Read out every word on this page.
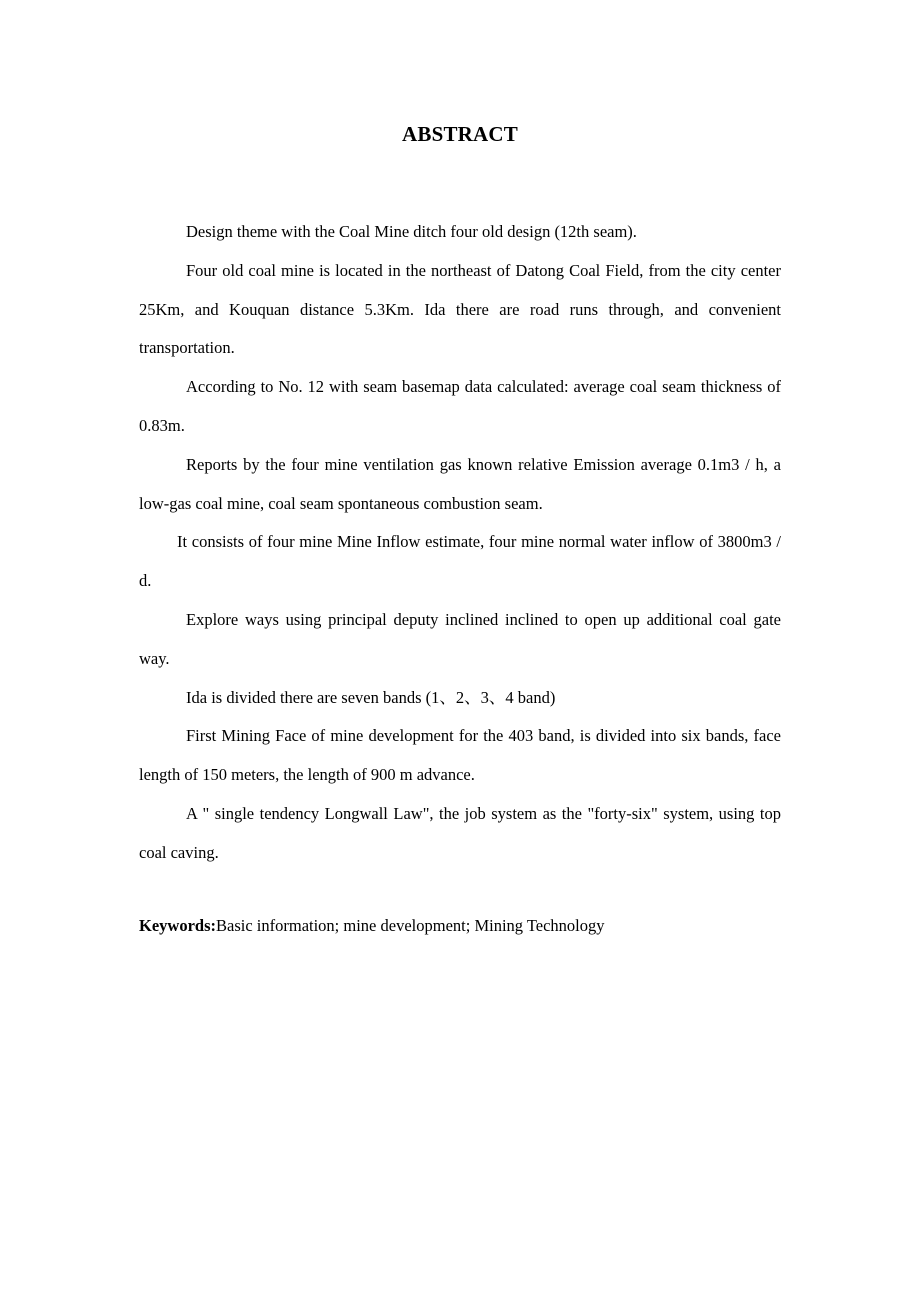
ABSTRACT

Design theme with the Coal Mine ditch four old design (12th seam).

Four old coal mine is located in the northeast of Datong Coal Field, from the city center 25Km, and Kouquan distance 5.3Km. Ida there are road runs through, and convenient transportation.

According to No. 12 with seam basemap data calculated: average coal seam thickness of 0.83m.

Reports by the four mine ventilation gas known relative Emission average 0.1m3 / h, a low-gas coal mine, coal seam spontaneous combustion seam.

It consists of four mine Mine Inflow estimate, four mine normal water inflow of 3800m3 / d.

Explore ways using principal deputy inclined inclined to open up additional coal gate way.

Ida is divided there are seven bands (1、2、3、4 band)

First Mining Face of mine development for the 403 band, is divided into six bands, face length of 150 meters, the length of 900 m advance.

A " single tendency Longwall Law", the job system as the "forty-six" system, using top coal caving.

Keywords:Basic information; mine development; Mining Technology
